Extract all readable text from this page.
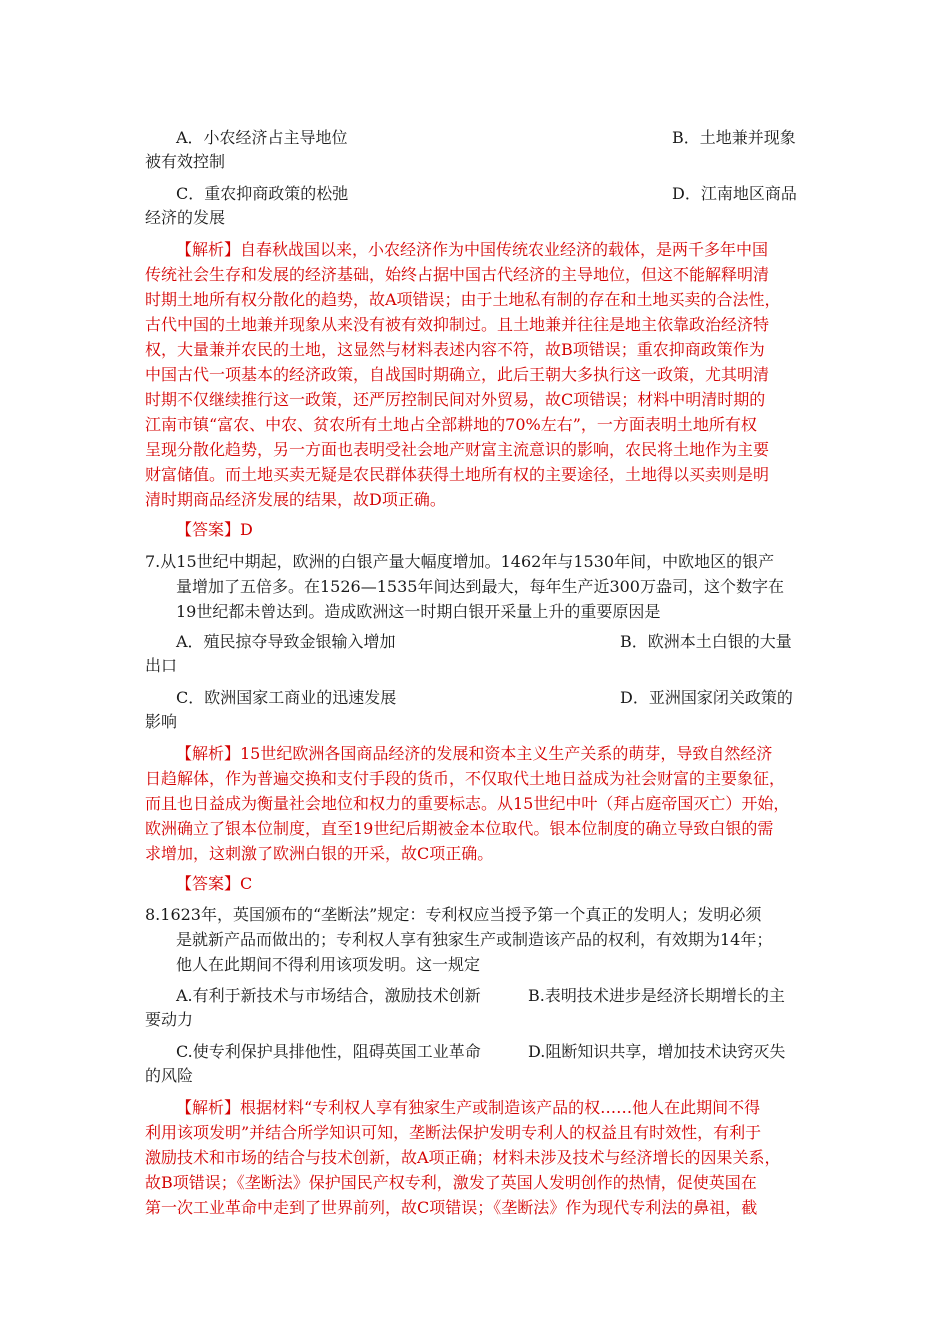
A．小农经济占主导地位	B．土地兼并现象
被有效控制
C．重农抑商政策的松弛	D．江南地区商品
经济的发展
【解析】自春秋战国以来，小农经济作为中国传统农业经济的载体，是两千多年中国
传统社会生存和发展的经济基础，始终占据中国古代经济的主导地位，但这不能解释明清
时期土地所有权分散化的趋势，故A项错误；由于土地私有制的存在和土地买卖的合法性，
古代中国的土地兼并现象从来没有被有效抑制过。且土地兼并往往是地主依靠政治经济特
权，大量兼并农民的土地，这显然与材料表述内容不符，故B项错误；重农抑商政策作为
中国古代一项基本的经济政策，自战国时期确立，此后王朝大多执行这一政策，尤其明清
时期不仅继续推行这一政策，还严厉控制民间对外贸易，故C项错误；材料中明清时期的
江南市镇“富农、中农、贫农所有土地占全部耕地的70%左右”，一方面表明土地所有权
呈现分散化趋势，另一方面也表明受社会地产财富主流意识的影响，农民将土地作为主要
财富储值。而土地买卖无疑是农民群体获得土地所有权的主要途径，土地得以买卖则是明
清时期商品经济发展的结果，故D项正确。
【答案】D
7.从15世纪中期起，欧洲的白银产量大幅度增加。1462年与1530年间，中欧地区的银产
量增加了五倍多。在1526—1535年间达到最大，每年生产近300万盎司，这个数字在
19世纪都未曾达到。造成欧洲这一时期白银开采量上升的重要原因是
A．殖民掠夺导致金银输入增加	B．欧洲本土白银的大量
出口
C．欧洲国家工商业的迅速发展	D．亚洲国家闭关政策的
影响
【解析】15世纪欧洲各国商品经济的发展和资本主义生产关系的萌芽，导致自然经济
日趋解体，作为普遍交换和支付手段的货币，不仅取代土地日益成为社会财富的主要象征，
而且也日益成为衡量社会地位和权力的重要标志。从15世纪中叶（拜占庭帝国灭亡）开始，
欧洲确立了银本位制度，直至19世纪后期被金本位取代。银本位制度的确立导致白银的需
求增加，这刺激了欧洲白银的开采，故C项正确。
【答案】C
8.1623年，英国颁布的“垄断法”规定：专利权应当授予第一个真正的发明人；发明必须
是就新产品而做出的；专利权人享有独家生产或制造该产品的权利，有效期为14年；
他人在此期间不得利用该项发明。这一规定
A.有利于新技术与市场结合，激励技术创新	B.表明技术进步是经济长期增长的主
要动力
C.使专利保护具排他性，阻碍英国工业革命	D.阻断知识共享，增加技术诀窍灭失
的风险
【解析】根据材料“专利权人享有独家生产或制造该产品的权……他人在此期间不得
利用该项发明”并结合所学知识可知，垄断法保护发明专利人的权益且有时效性，有利于
激励技术和市场的结合与技术创新，故A项正确；材料未涉及技术与经济增长的因果关系，
故B项错误；《垄断法》保护国民产权专利，激发了英国人发明创作的热情，促使英国在
第一次工业革命中走到了世界前列，故C项错误；《垄断法》作为现代专利法的鼻祖，截
